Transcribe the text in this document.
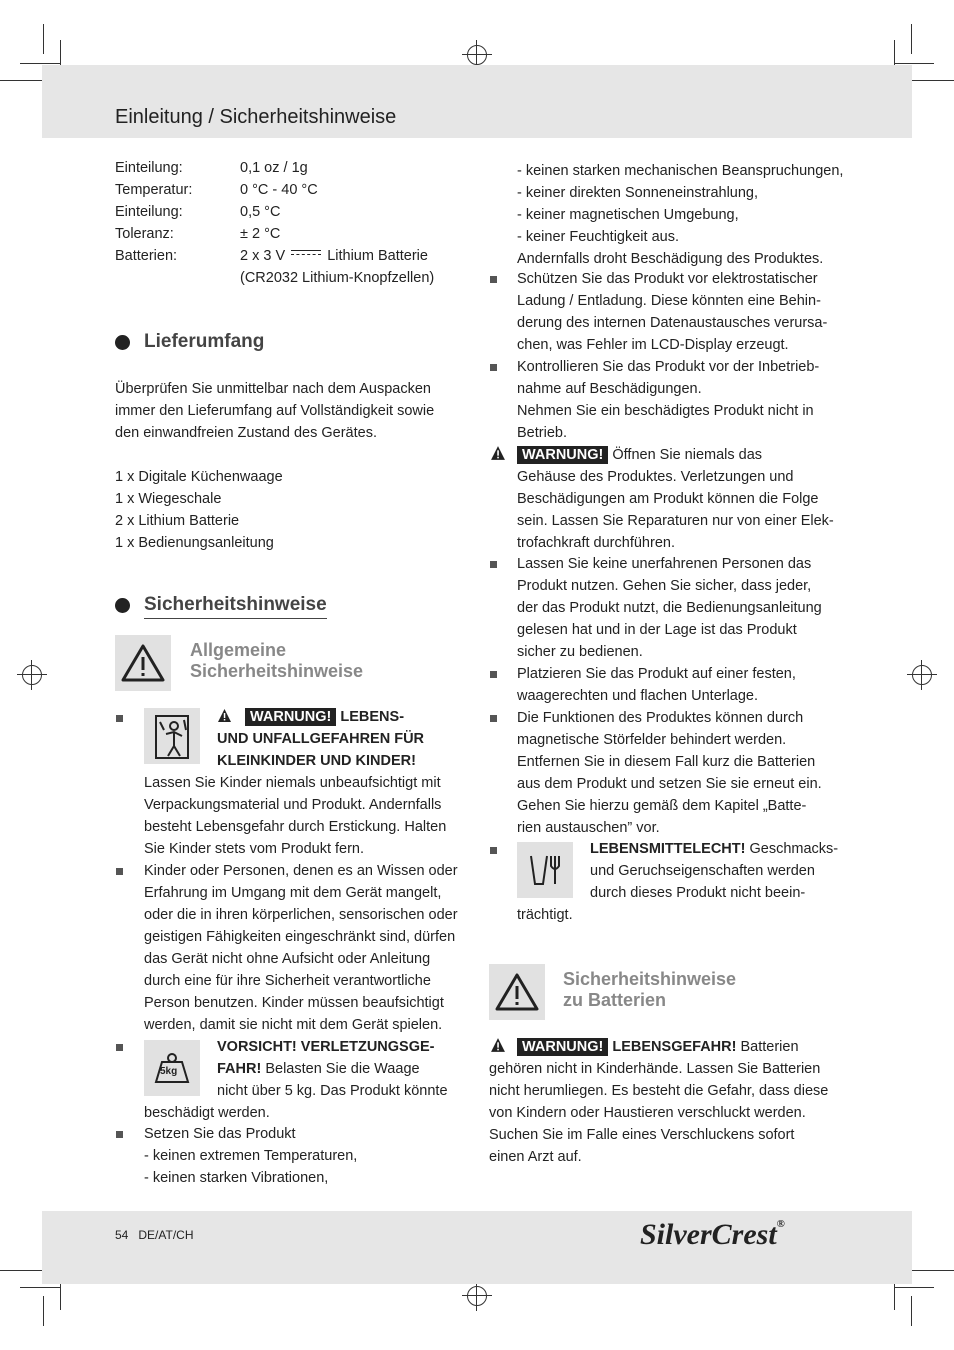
Einleitung / Sicherheitshinweise
Einteilung:	0,1 oz / 1g
Temperatur:	0 °C - 40 °C
Einteilung:	0,5 °C
Toleranz:	± 2 °C
Batterien:	2 x 3 V	Lithium Batterie
(CR2032 Lithium-Knopfzellen)
Lieferumfang
Überprüfen Sie unmittelbar nach dem Auspacken
immer den Lieferumfang auf Vollständigkeit sowie
den einwandfreien Zustand des Gerätes.
1 x Digitale Küchenwaage
1 x Wiegeschale
2 x Lithium Batterie
1 x Bedienungsanleitung
Sicherheitshinweise
Allgemeine
Sicherheitshinweise
WARNUNG! LEBENS-
UND UNFALLGEFAHREN FÜR
KLEINKINDER UND KINDER!
Lassen Sie Kinder niemals unbeaufsichtigt mit
Verpackungsmaterial und Produkt. Andernfalls
besteht Lebensgefahr durch Erstickung. Halten
Sie Kinder stets vom Produkt fern.
Kinder oder Personen, denen es an Wissen oder
Erfahrung im Umgang mit dem Gerät mangelt,
oder die in ihren körperlichen, sensorischen oder
geistigen Fähigkeiten eingeschränkt sind, dürfen
das Gerät nicht ohne Aufsicht oder Anleitung
durch eine für ihre Sicherheit verantwortliche
Person benutzen. Kinder müssen beaufsichtigt
werden, damit sie nicht mit dem Gerät spielen.
5kg
VORSICHT! VERLETZUNGSGE-
FAHR! Belasten Sie die Waage
nicht über 5 kg. Das Produkt könnte
beschädigt werden.
Setzen Sie das Produkt
- keinen extremen Temperaturen,
- keinen starken Vibrationen,
- keinen starken mechanischen Beanspruchungen,
- keiner direkten Sonneneinstrahlung,
- keiner magnetischen Umgebung,
- keiner Feuchtigkeit aus.
Andernfalls droht Beschädigung des Produktes.
Schützen Sie das Produkt vor elektrostatischer
Ladung / Entladung. Diese könnten eine Behin-
derung des internen Datenaustausches verursa-
chen, was Fehler im LCD-Display erzeugt.
Kontrollieren Sie das Produkt vor der Inbetrieb-
nahme auf Beschädigungen.
Nehmen Sie ein beschädigtes Produkt nicht in
Betrieb.
WARNUNG! Öffnen Sie niemals das
Gehäuse des Produktes. Verletzungen und
Beschädigungen am Produkt können die Folge
sein. Lassen Sie Reparaturen nur von einer Elek-
trofachkraft durchführen.
Lassen Sie keine unerfahrenen Personen das
Produkt nutzen. Gehen Sie sicher, dass jeder,
der das Produkt nutzt, die Bedienungsanleitung
gelesen hat und in der Lage ist das Produkt
sicher zu bedienen.
Platzieren Sie das Produkt auf einer festen,
waagerechten und flachen Unterlage.
Die Funktionen des Produktes können durch
magnetische Störfelder behindert werden.
Entfernen Sie in diesem Fall kurz die Batterien
aus dem Produkt und setzen Sie sie erneut ein.
Gehen Sie hierzu gemäß dem Kapitel „Batte-
rien austauschen” vor.
LEBENSMITTELECHT! Geschmacks-
und Geruchseigenschaften werden
durch dieses Produkt nicht beein-
trächtigt.
Sicherheitshinweise
zu Batterien
WARNUNG! LEBENSGEFAHR! Batterien
gehören nicht in Kinderhände. Lassen Sie Batterien
nicht herumliegen. Es besteht die Gefahr, dass diese
von Kindern oder Haustieren verschluckt werden.
Suchen Sie im Falle eines Verschluckens sofort
einen Arzt auf.
54 DE/AT/CH	SilverCrest®
